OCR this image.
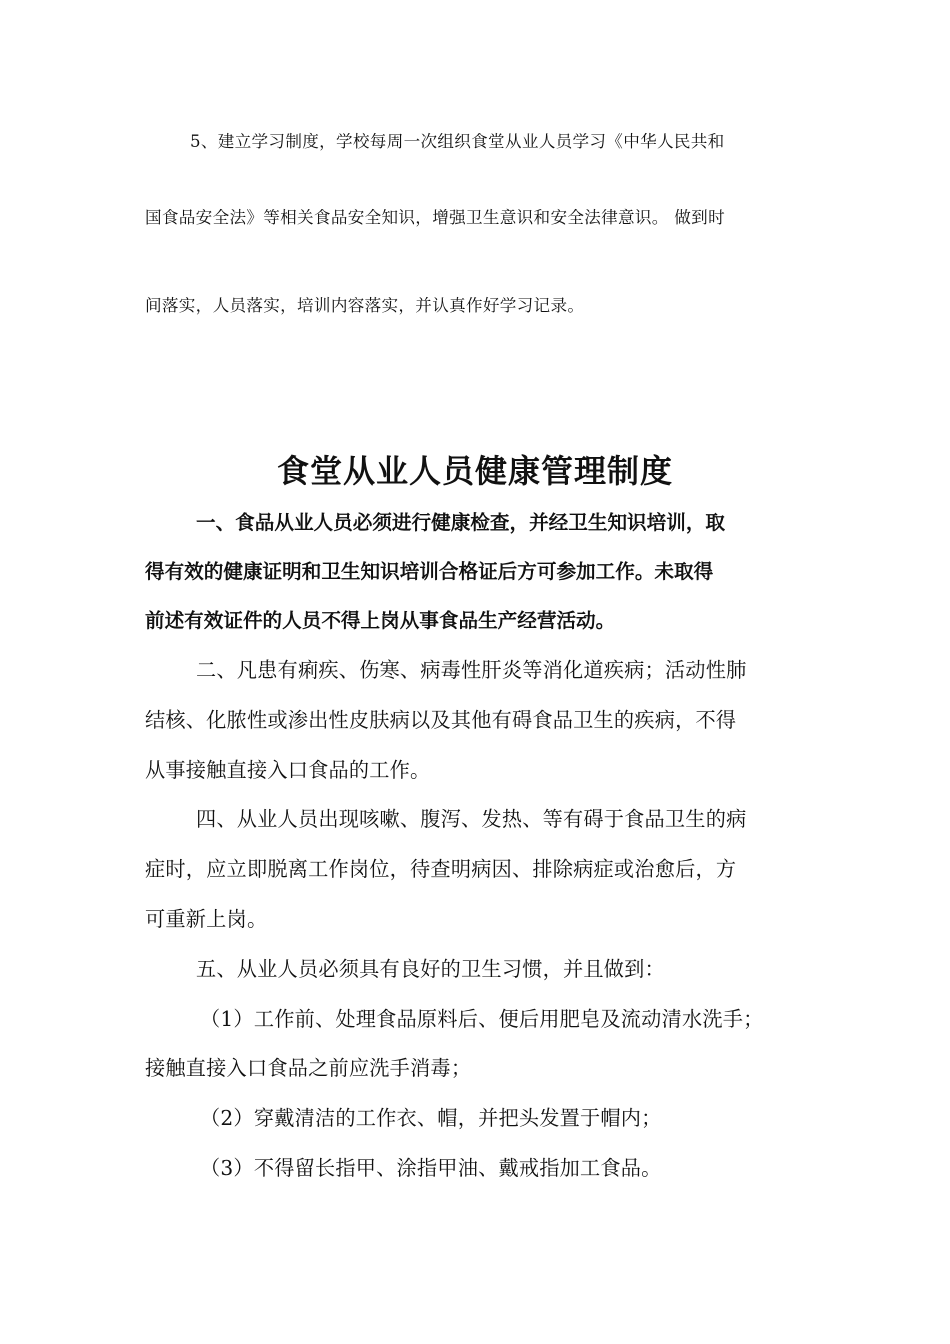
5、建立学习制度，学校每周一次组织食堂从业人员学习《中华人民共和

国食品安全法》等相关食品安全知识，增强卫生意识和安全法律意识。 做到时

间落实，人员落实，培训内容落实，并认真作好学习记录。

食堂从业人员健康管理制度

一、食品从业人员必须进行健康检查，并经卫生知识培训，取

得有效的健康证明和卫生知识培训合格证后方可参加工作。未取得

前述有效证件的人员不得上岗从事食品生产经营活动。

二、凡患有痢疾、伤寒、病毒性肝炎等消化道疾病；活动性肺

结核、化脓性或渗出性皮肤病以及其他有碍食品卫生的疾病，不得

从事接触直接入口食品的工作。

四、从业人员出现咳嗽、腹泻、发热、等有碍于食品卫生的病

症时，应立即脱离工作岗位，待查明病因、排除病症或治愈后，方

可重新上岗。

五、从业人员必须具有良好的卫生习惯，并且做到：

（1）工作前、处理食品原料后、便后用肥皂及流动清水洗手；

接触直接入口食品之前应洗手消毒；

（2）穿戴清洁的工作衣、帽，并把头发置于帽内；

（3）不得留长指甲、涂指甲油、戴戒指加工食品。
